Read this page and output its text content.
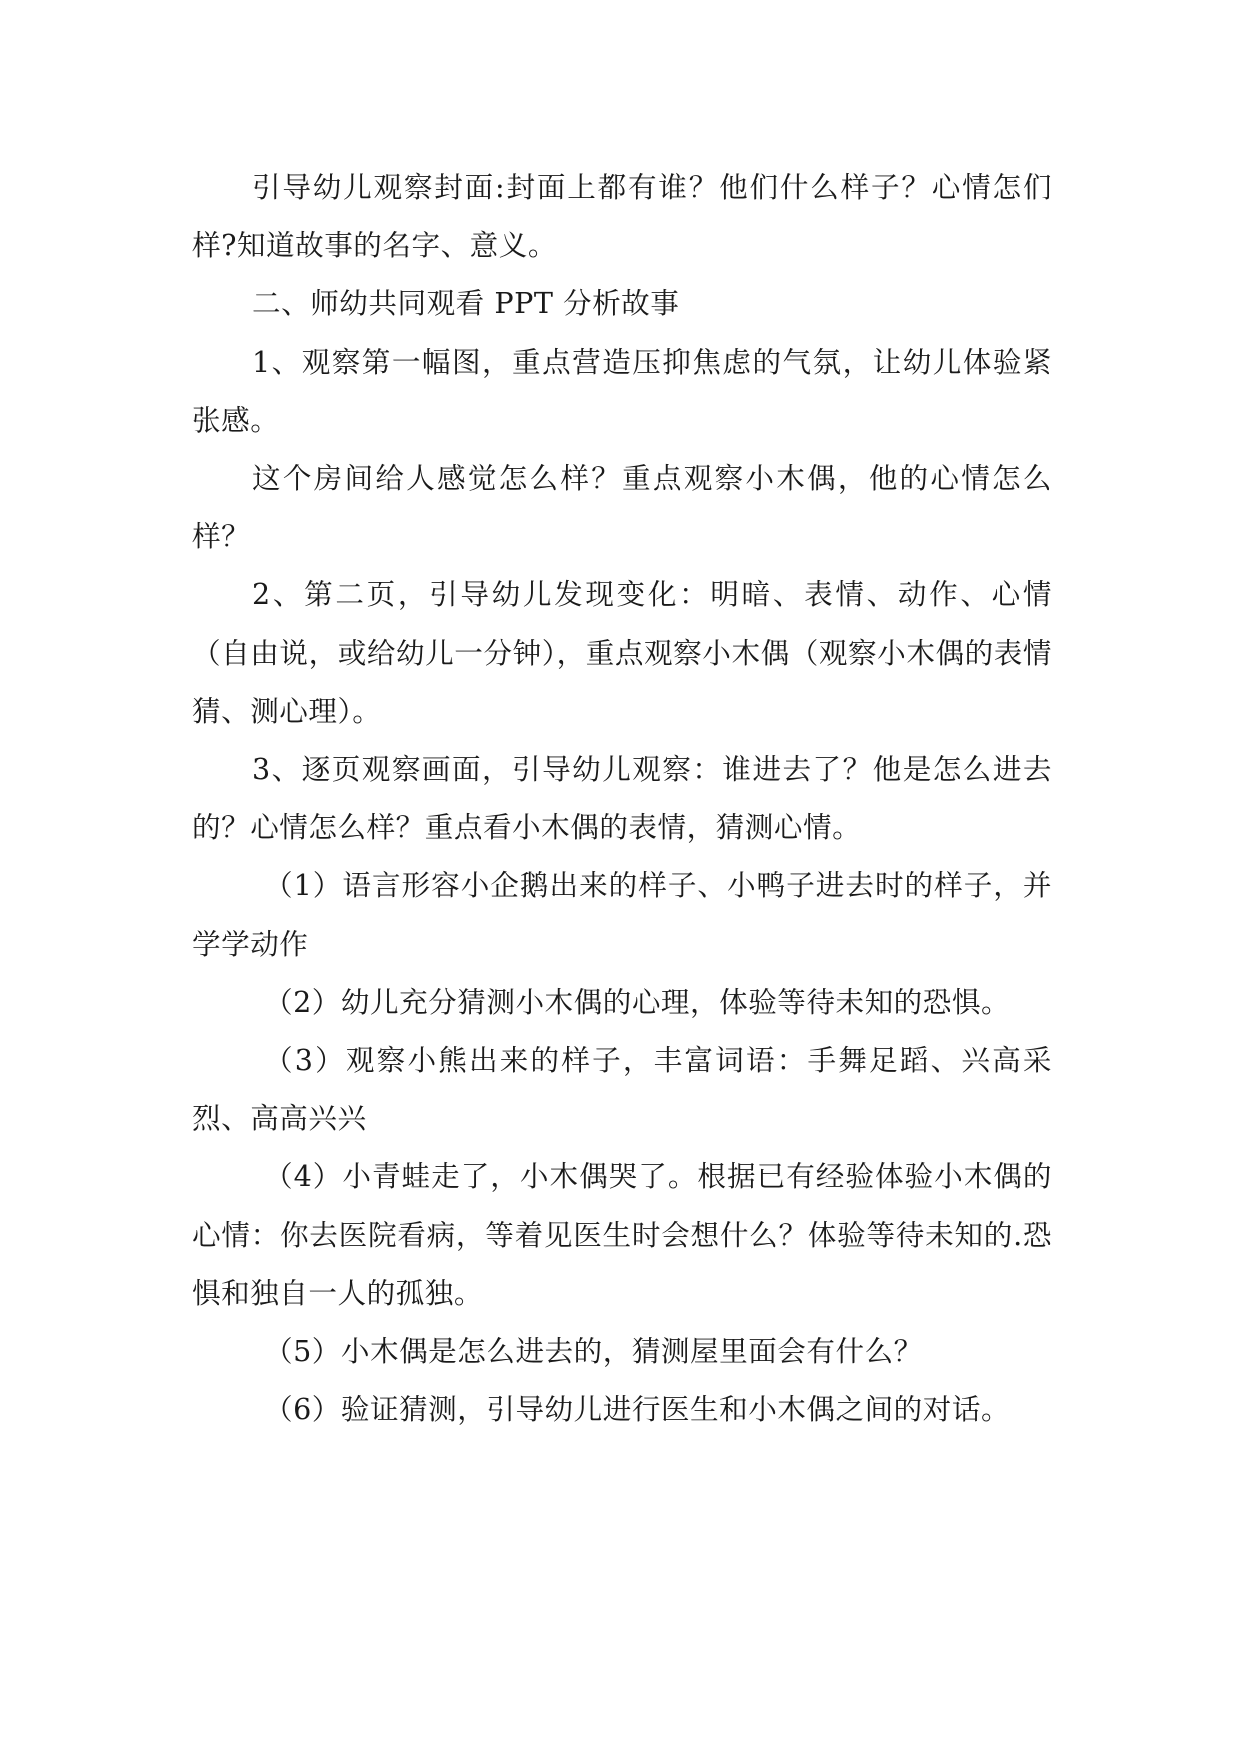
引导幼儿观察封面:封面上都有谁？他们什么样子？心情怎们样?知道故事的名字、意义。

二、师幼共同观看 PPT 分析故事

1、观察第一幅图，重点营造压抑焦虑的气氛，让幼儿体验紧张感。

这个房间给人感觉怎么样？重点观察小木偶，他的心情怎么样？

2、第二页，引导幼儿发现变化：明暗、表情、动作、心情（自由说，或给幼儿一分钟），重点观察小木偶（观察小木偶的表情猜、测心理）。

3、逐页观察画面，引导幼儿观察：谁进去了？他是怎么进去的？心情怎么样？重点看小木偶的表情，猜测心情。

（1）语言形容小企鹅出来的样子、小鸭子进去时的样子，并学学动作

（2）幼儿充分猜测小木偶的心理，体验等待未知的恐惧。

（3）观察小熊出来的样子，丰富词语：手舞足蹈、兴高采烈、高高兴兴

（4）小青蛙走了，小木偶哭了。根据已有经验体验小木偶的心情：你去医院看病，等着见医生时会想什么？体验等待未知的.恐惧和独自一人的孤独。

（5）小木偶是怎么进去的，猜测屋里面会有什么？

（6）验证猜测，引导幼儿进行医生和小木偶之间的对话。
